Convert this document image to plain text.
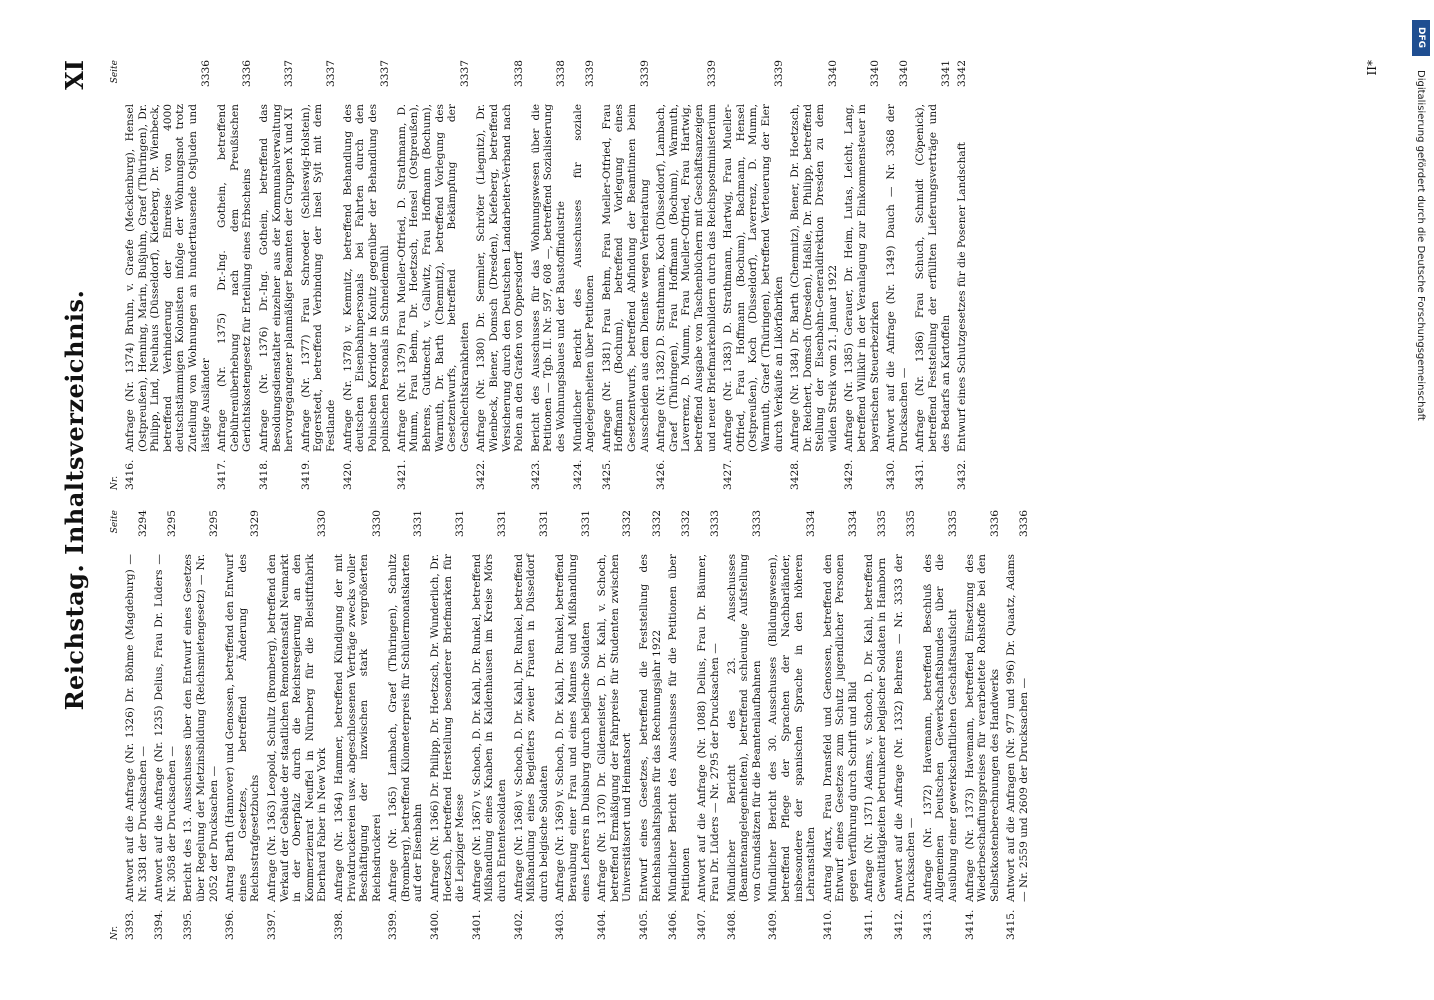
Reichstag. Inhaltsverzeichnis.
XI
Nr.
Seite
3393.
Antwort auf die Anfrage (Nr. 1326) Dr. Böhme (Magdeburg) — Nr. 3381 der Drucksachen —
3294
3394.
Antwort auf die Anfrage (Nr. 1235) Delius, Frau Dr. Lüders — Nr. 3058 der Drucksachen —
3295
3395.
Bericht des 13. Ausschusses über den Entwurf eines Gesetzes über Regelung der Mietzinsbildung (Reichsmietengesetz) — Nr. 2052 der Drucksachen —
3295
3396.
Antrag Barth (Hannover) und Genossen, betreffend den Entwurf eines Gesetzes, betreffend Änderung des Reichsstrafgesetzbuchs
3329
3397.
Anfrage (Nr. 1363) Leopold, Schultz (Bromberg), betreffend den Verkauf der Gebäude der staatlichen Remonteanstalt Neumarkt in der Oberpfalz durch die Reichsregierung an den Kommerzienrat Neuffel in Nürnberg für die Bleistiftfabrik Eberhard Faber in New York
3330
3398.
Anfrage (Nr. 1364) Hammer, betreffend Kündigung der mit Privatdruckereien usw. abgeschlossenen Verträge zwecks voller Beschäftigung der inzwischen stark vergrößerten Reichsdruckerei
3330
3399.
Anfrage (Nr. 1365) Lambach, Graef (Thüringen), Schultz (Bromberg), betreffend Kilometerpreis für Schülermonatskarten auf der Eisenbahn
3331
3400.
Anfrage (Nr. 1366) Dr. Philipp, Dr. Hoetzsch, Dr. Wunderlich, Dr. Hoetzsch, betreffend Herstellung besonderer Briefmarken für die Leipziger Messe
3331
3401.
Anfrage (Nr. 1367) v. Schoch, D. Dr. Kahl, Dr. Runkel, betreffend Mißhandlung eines Knaben in Kaldenhausen im Kreise Mörs durch Ententesoldaten
3331
3402.
Anfrage (Nr. 1368) v. Schoch, D. Dr. Kahl, Dr. Runkel, betreffend Mißhandlung eines Begleiters zweier Frauen in Düsseldorf durch belgische Soldaten
3331
3403.
Anfrage (Nr. 1369) v. Schoch, D. Dr. Kahl, Dr. Runkel, betreffend Beraubung einer Frau und eines Mannes und Mißhandlung eines Lehrers in Duisburg durch belgische Soldaten
3331
3404.
Anfrage (Nr. 1370) Dr. Gildemeister, D. Dr. Kahl, v. Schoch, betreffend Ermäßigung der Fahrpreise für Studenten zwischen Universitätsort und Heimatsort
3332
3405.
Entwurf eines Gesetzes, betreffend die Feststellung des Reichshaushaltsplans für das Rechnungsjahr 1922
3332
3406.
Mündlicher Bericht des Ausschusses für die Petitionen über Petitionen
3332
3407.
Antwort auf die Anfrage (Nr. 1088) Delius, Frau Dr. Bäumer, Frau Dr. Lüders — Nr. 2795 der Drucksachen —
3333
3408.
Mündlicher Bericht des 23. Ausschusses (Beamtenangelegenheiten), betreffend schleunige Aufstellung von Grundsätzen für die Beamtenlaufbahnen
3333
3409.
Mündlicher Bericht des 30. Ausschusses (Bildungswesen), betreffend Pflege der Sprachen der Nachbarländer, insbesondere der spanischen Sprache in den höheren Lehranstalten
3334
3410.
Antrag Marx, Frau Dransfeld und Genossen, betreffend den Entwurf eines Gesetzes zum Schutz jugendlicher Personen gegen Verführung durch Schrift und Bild
3334
3411.
Anfrage (Nr. 1371) Adams, v. Schoch, D. Dr. Kahl, betreffend Gewalttätigkeiten betrunkener belgischer Soldaten in Hamborn
3335
3412.
Antwort auf die Anfrage (Nr. 1332) Behrens — Nr. 3333 der Drucksachen —
3335
3413.
Anfrage (Nr. 1372) Havemann, betreffend Beschluß des Allgemeinen Deutschen Gewerkschaftsbundes über die Ausübung einer gewerkschaftlichen Geschäftsaufsicht
3335
3414.
Anfrage (Nr. 1373) Havemann, betreffend Einsetzung des Wiederbeschaffungspreises für verarbeitete Rohstoffe bei den Selbstkostenberechnungen des Handwerks
3336
3415.
Antwort auf die Anfragen (Nr. 977 und 996) Dr. Quaatz, Adams — Nr. 2559 und 2609 der Drucksachen —
3336
Nr.
Seite
3416.
Anfrage (Nr. 1374) Bruhn, v. Graefe (Mecklenburg), Hensel (Ostpreußen), Henning, Marin, Bußjuhn, Graef (Thüringen), Dr. Philipp, Lind, Neuhaus (Düsseldorf), Kiefeberg, Dr. Wienbeck, betreffend Verhinderung der Einreise von 4000 deutschstämmigen Kolonisten infolge der Wohnungsnot trotz Zuteilung von Wohnungen an hunderttausende Ostjuden und lästige Ausländer
3336
3417.
Anfrage (Nr. 1375) Dr.-Ing. Gothein, betreffend Gebührenüberhebung nach dem Preußischen Gerichtskostengesetz für Erteilung eines Erbscheins
3336
3418.
Anfrage (Nr. 1376) Dr.-Ing. Gothein, betreffend das Besoldungsdienstalter einzelner aus der Kommunalverwaltung hervorgegangener planmäßiger Beamten der Gruppen X und XI
3337
3419.
Anfrage (Nr. 1377) Frau Schroeder (Schleswig-Holstein), Eggerstedt, betreffend Verbindung der Insel Sylt mit dem Festlande
3337
3420.
Anfrage (Nr. 1378) v. Kemnitz, betreffend Behandlung des deutschen Eisenbahnpersonals bei Fahrten durch den Polnischen Korridor in Konitz gegenüber der Behandlung des polnischen Personals in Schneidemühl
3337
3421.
Anfrage (Nr. 1379) Frau Mueller-Otfried, D. Strathmann, D. Mumm, Frau Behm, Dr. Hoetzsch, Hensel (Ostpreußen), Behrens, Gutknecht, v. Gallwitz, Frau Hoffmann (Bochum), Warmuth, Dr. Barth (Chemnitz), betreffend Vorlegung des Gesetzentwurfs, betreffend Bekämpfung der Geschlechtskrankheiten
3337
3422.
Anfrage (Nr. 1380) Dr. Semmler, Schröter (Liegnitz), Dr. Wienbeck, Biener, Domsch (Dresden), Kiefeberg, betreffend Versicherung durch den Deutschen Landarbeiter-Verband nach Polen an den Grafen von Oppersdorff
3338
3423.
Bericht des Ausschusses für das Wohnungswesen über die Petitionen — Tgb. II. Nr. 597, 608 —, betreffend Sozialisierung des Wohnungsbaues und der Baustoffindustrie
3338
3424.
Mündlicher Bericht des Ausschusses für soziale Angelegenheiten über Petitionen
3339
3425.
Anfrage (Nr. 1381) Frau Behm, Frau Mueller-Otfried, Frau Hoffmann (Bochum), betreffend Vorlegung eines Gesetzentwurfs, betreffend Abfindung der Beamtinnen beim Ausscheiden aus dem Dienste wegen Verheiratung
3339
3426.
Anfrage (Nr. 1382) D. Strathmann, Koch (Düsseldorf), Lambach, Graef (Thüringen), Frau Hoffmann (Bochum), Warmuth, Laverrenz, D. Mumm, Frau Mueller-Otfried, Frau Hartwig, betreffend Ausgabe von Taschenbüchern mit Geschäftsanzeigen und neuer Briefmarkenbildern durch das Reichspostministerium
3339
3427.
Anfrage (Nr. 1383) D. Strathmann, Hartwig, Frau Mueller-Otfried, Frau Hoffmann (Bochum), Bachmann, Hensel (Ostpreußen), Koch (Düsseldorf), Laverrenz, D. Mumm, Warmuth, Graef (Thüringen), betreffend Verteuerung der Eier durch Verkäufe an Likörfabriken
3339
3428.
Anfrage (Nr. 1384) Dr. Barth (Chemnitz), Biener, Dr. Hoetzsch, Dr. Reichert, Domsch (Dresden), Haßlie, Dr. Philipp, betreffend Stellung der Eisenbahn-Generaldirektion Dresden zu dem wilden Streik vom 21. Januar 1922
3340
3429.
Anfrage (Nr. 1385) Gerauer, Dr. Heim, Lutas, Leicht, Lang, betreffend Willkür in der Veranlagung zur Einkommensteuer in bayerischen Steuerbezirken
3340
3430.
Antwort auf die Anfrage (Nr. 1349) Dauch — Nr. 3368 der Drucksachen —
3340
3431.
Anfrage (Nr. 1386) Frau Schuch, Schmidt (Cöpenick), betreffend Feststellung der erfüllten Lieferungsverträge und des Bedarfs an Kartoffeln
3341
3432.
Entwurf eines Schutzgesetzes für die Posener Landschaft
3342	II*
DFG
Digitalisierung gefördert durch die Deutsche Forschungsgemeinschaft
